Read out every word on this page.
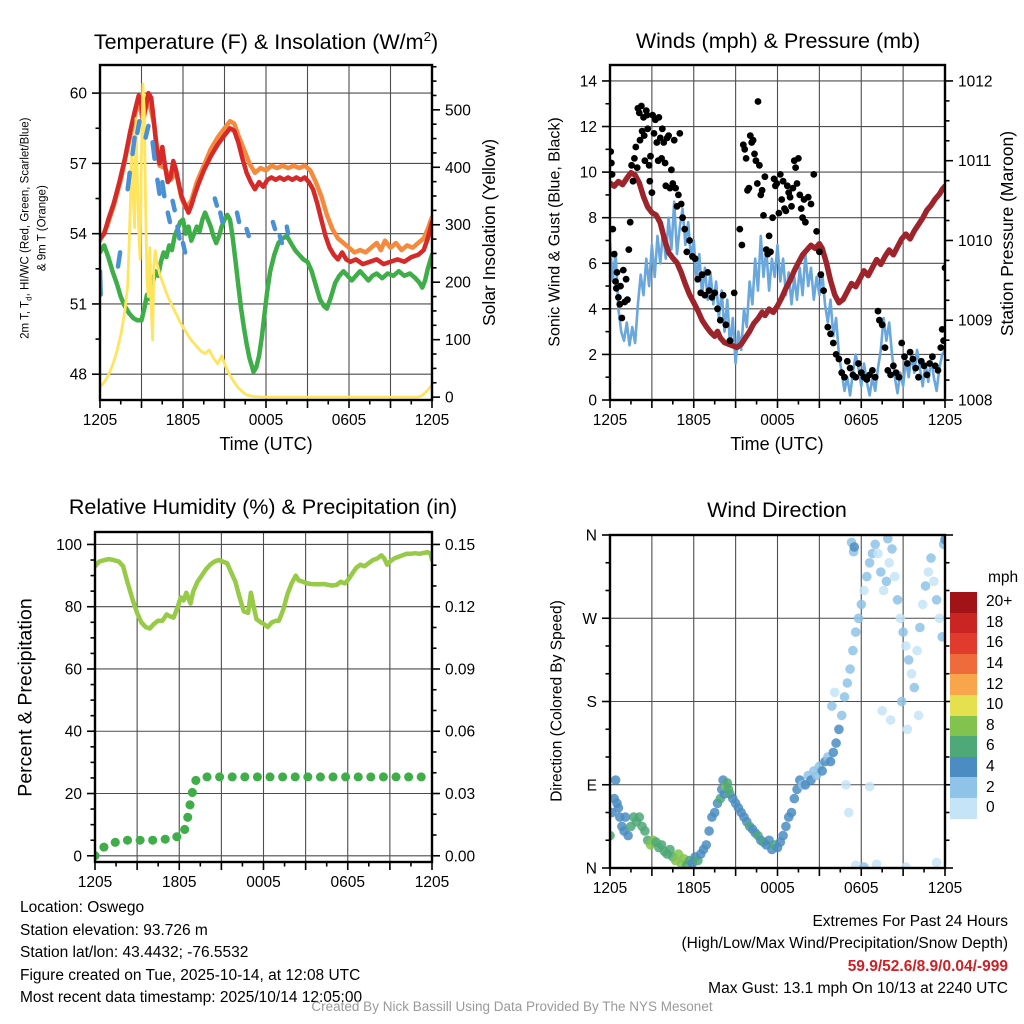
1205	1805	0005	0605	1205
48
51
54
57
60
0
100
200
300
400
500
1205	1805	0005	0605	1205
0
2
4
6
8
10
12
14
1008
1009
1010
1011
1012
1205	1805	0005	0605	1205
0
20
40
60
80
100
0.00
0.03
0.06
0.09
0.12
0.15
1205	1805	0005	0605	1205
N
E
S
W
N
Temperature (F) & Insolation $(W/m^2)$	Winds (mph) & Pressure (mb)
Relative Humidity (%) & Precipitation (in)	Wind Direction
2m T, $T_d$, HI/WC (Red, Green, Scarlet/Blue) & 9m T (Orange)	Solar Insolation (Yellow)
Time (UTC)
Sonic Wind & Gust (Blue, Black)	Station Pressure (Maroon)
Time (UTC)
Percent & Precipitation	Direction (Colored By Speed)
mph
20+
18
16
14
12
10
8
6
4
2
0
Location: Oswego
Station elevation: 93.726 m
Station lat/lon: 43.4432; -76.5532
Figure created on Tue, 2025-10-14, at 12:08 UTC
Most recent data timestamp: 2025/10/14 12:05:00
Extremes For Past 24 Hours
(High/Low/Max Wind/Precipitation/Snow Depth)
59.9/52.6/8.9/0.04/-999
Max Gust: 13.1 mph On 10/13 at 2240 UTC
Created By Nick Bassill Using Data Provided By The NYS Mesonet
